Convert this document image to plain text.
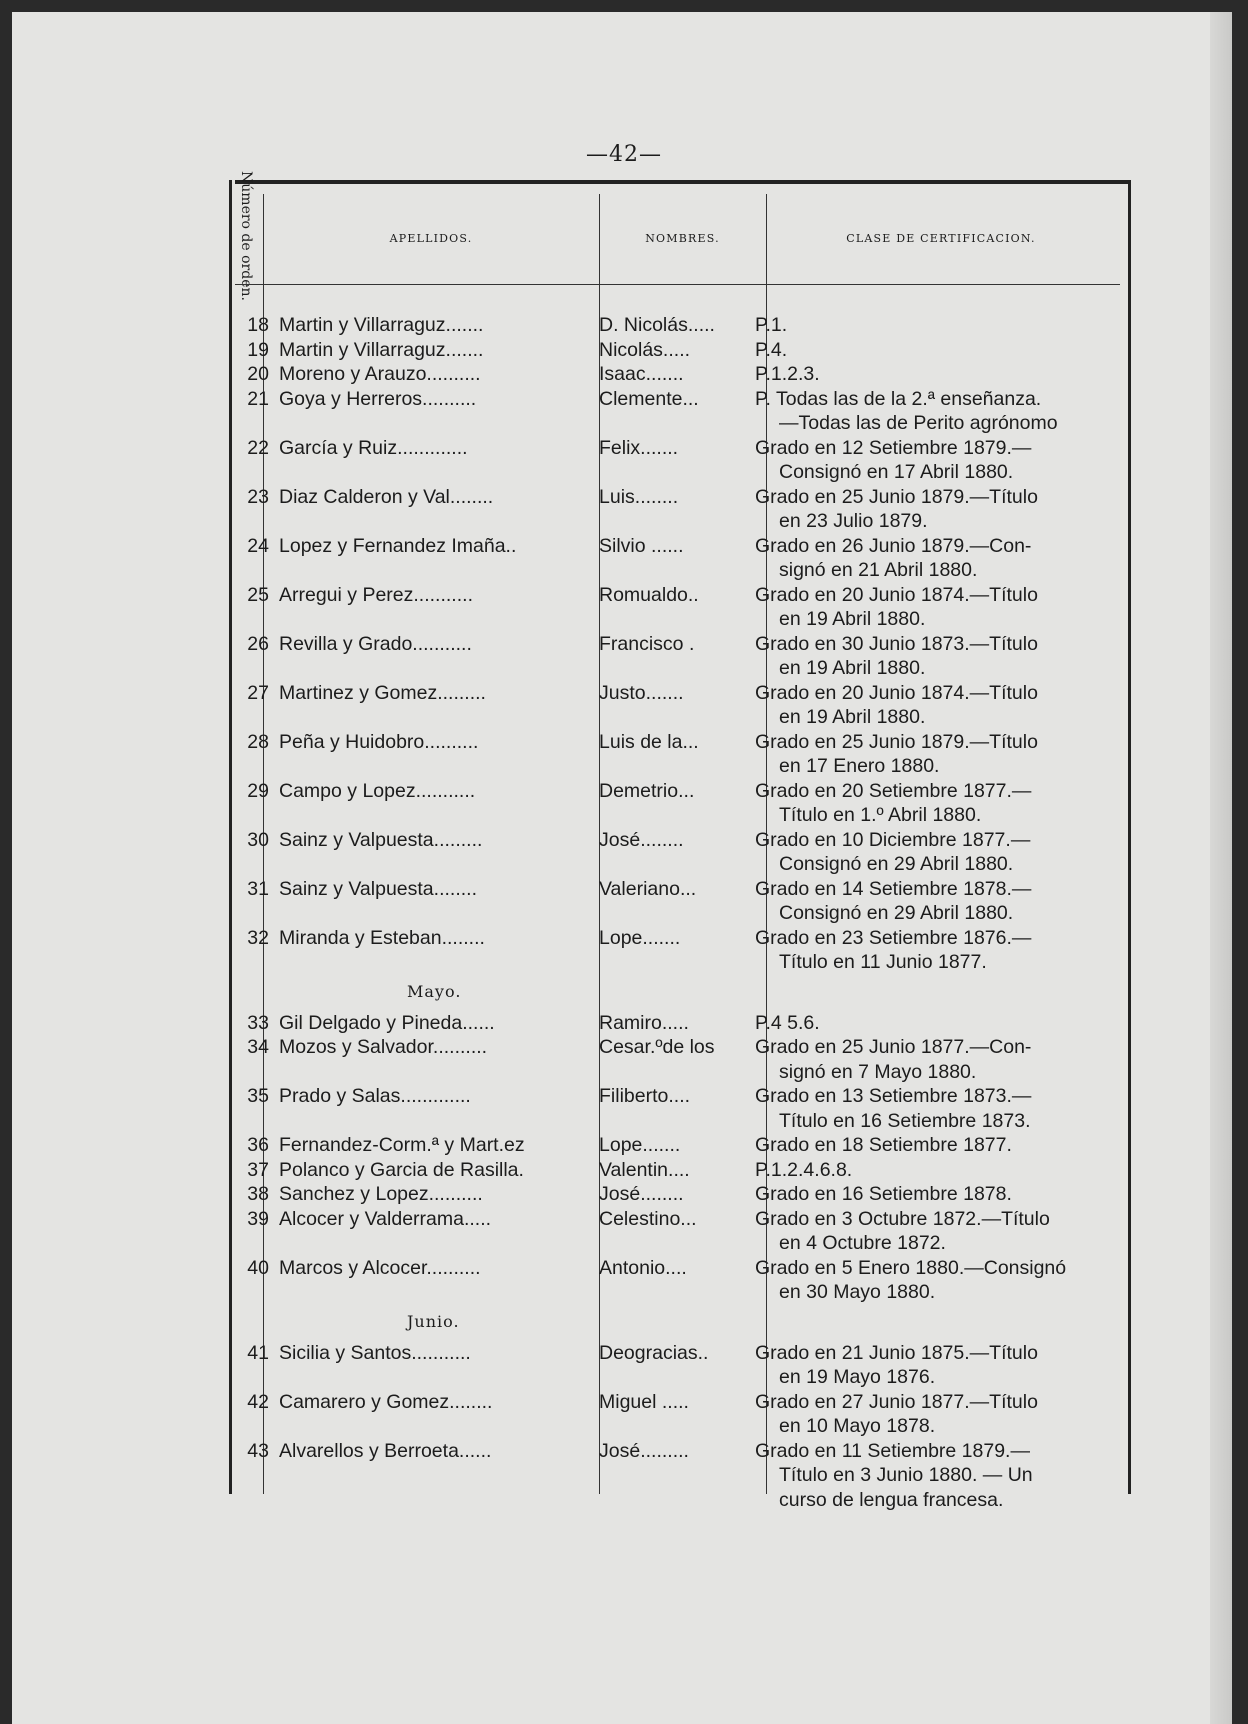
—42—
Número de orden.	APELLIDOS.	NOMBRES.	CLASE DE CERTIFICACION.
18 Martin y Villarraguz.......	D. Nicolás.....	P.1.
19 Martin y Villarraguz.......	Nicolás.....	P.4.
20 Moreno y Arauzo..........	Isaac.......	P.1.2.3.
21 Goya y Herreros..........	Clemente...	P. Todas las de la 2.ª enseñanza.
—Todas las de Perito agrónomo
22 García y Ruiz.............	Felix.......	Grado en 12 Setiembre 1879.—
Consignó en 17 Abril 1880.
23 Diaz Calderon y Val........	Luis........	Grado en 25 Junio 1879.—Título
en 23 Julio 1879.
24 Lopez y Fernandez Imaña..	Silvio ......	Grado en 26 Junio 1879.—Con-
signó en 21 Abril 1880.
25 Arregui y Perez...........	Romualdo..	Grado en 20 Junio 1874.—Título
en 19 Abril 1880.
26 Revilla y Grado...........	Francisco .	Grado en 30 Junio 1873.—Título
en 19 Abril 1880.
27 Martinez y Gomez.........	Justo.......	Grado en 20 Junio 1874.—Título
en 19 Abril 1880.
28 Peña y Huidobro..........	Luis de la...	Grado en 25 Junio 1879.—Título
en 17 Enero 1880.
29 Campo y Lopez...........	Demetrio...	Grado en 20 Setiembre 1877.—
Título en 1.º Abril 1880.
30 Sainz y Valpuesta.........	José........	Grado en 10 Diciembre 1877.—
Consignó en 29 Abril 1880.
31 Sainz y Valpuesta........	Valeriano...	Grado en 14 Setiembre 1878.—
Consignó en 29 Abril 1880.
32 Miranda y Esteban........	Lope.......	Grado en 23 Setiembre 1876.—
Título en 11 Junio 1877.
Mayo.
33 Gil Delgado y Pineda......	Ramiro.....	P.4 5.6.
34 Mozos y Salvador..........	Cesar.ºde los	Grado en 25 Junio 1877.—Con-
signó en 7 Mayo 1880.
35 Prado y Salas.............	Filiberto....	Grado en 13 Setiembre 1873.—
Título en 16 Setiembre 1873.
36 Fernandez-Corm.ª y Mart.ez	Lope.......	Grado en 18 Setiembre 1877.
37 Polanco y Garcia de Rasilla.	Valentin....	P.1.2.4.6.8.
38 Sanchez y Lopez..........	José........	Grado en 16 Setiembre 1878.
39 Alcocer y Valderrama.....	Celestino...	Grado en 3 Octubre 1872.—Título
en 4 Octubre 1872.
40 Marcos y Alcocer..........	Antonio....	Grado en 5 Enero 1880.—Consignó
en 30 Mayo 1880.
Junio.
41 Sicilia y Santos...........	Deogracias..	Grado en 21 Junio 1875.—Título
en 19 Mayo 1876.
42 Camarero y Gomez........	Miguel .....	Grado en 27 Junio 1877.—Título
en 10 Mayo 1878.
43 Alvarellos y Berroeta......	José.........	Grado en 11 Setiembre 1879.—
Título en 3 Junio 1880. — Un
curso de lengua francesa.
